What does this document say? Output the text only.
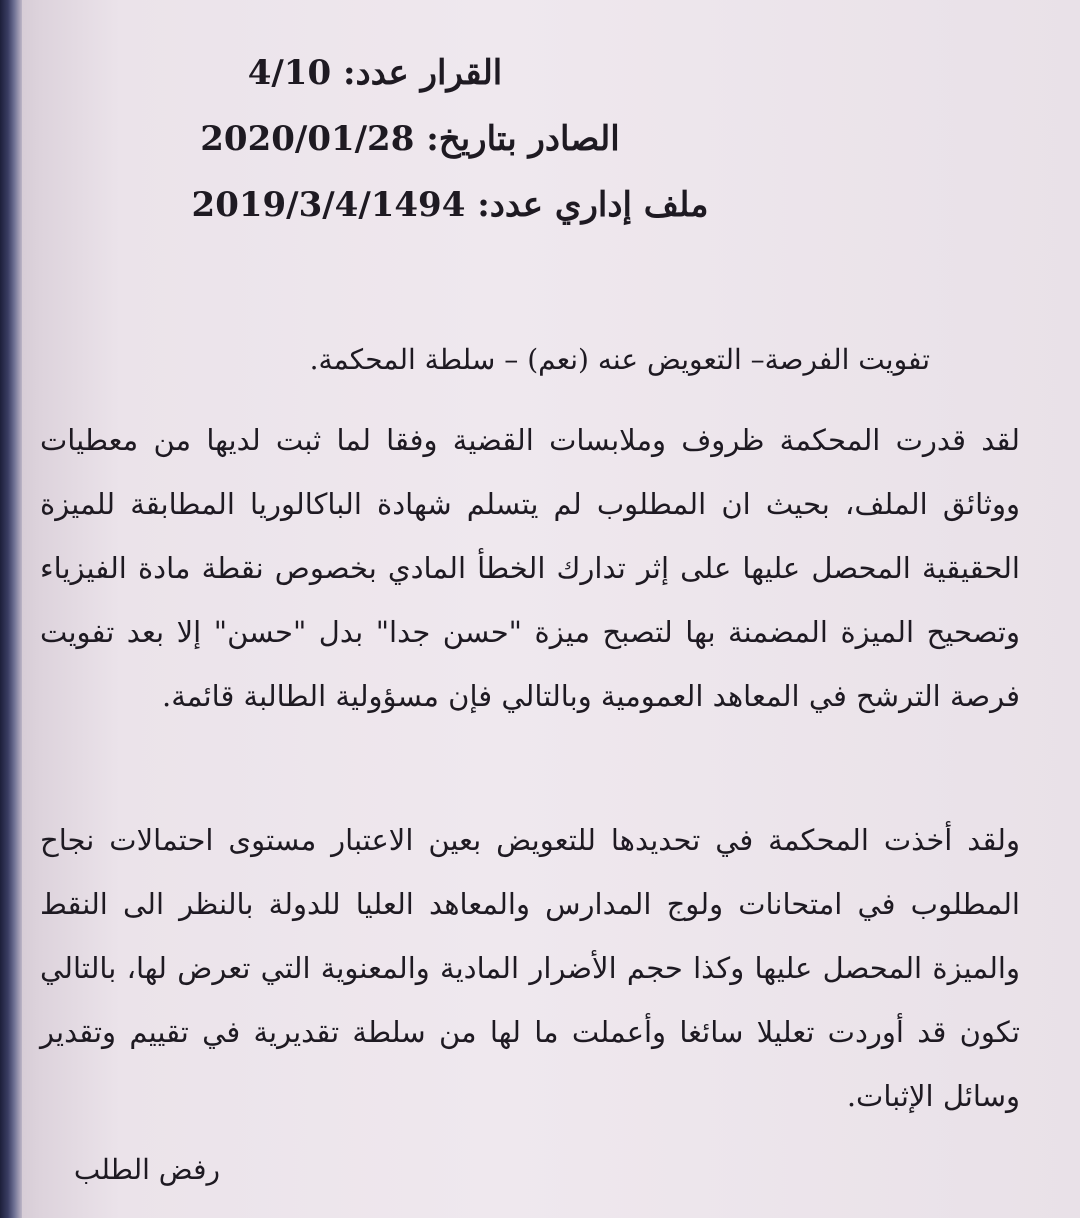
القرار عدد: 4/10
الصادر بتاريخ: 2020/01/28
ملف إداري عدد: 2019/3/4/1494
تفويت الفرصة– التعويض عنه (نعم) – سلطة المحكمة.
لقد قدرت المحكمة ظروف وملابسات القضية وفقا لما ثبت لديها من معطيات ووثائق الملف، بحيث ان المطلوب لم يتسلم شهادة الباكالوريا المطابقة للميزة الحقيقية المحصل عليها على إثر تدارك الخطأ المادي بخصوص نقطة مادة الفيزياء وتصحيح الميزة المضمنة بها لتصبح ميزة "حسن جدا" بدل "حسن" إلا بعد تفويت فرصة الترشح في المعاهد العمومية وبالتالي فإن مسؤولية الطالبة قائمة.
ولقد أخذت المحكمة في تحديدها للتعويض بعين الاعتبار مستوى احتمالات نجاح المطلوب في امتحانات ولوج المدارس والمعاهد العليا للدولة بالنظر الى النقط والميزة المحصل عليها وكذا حجم الأضرار المادية والمعنوية التي تعرض لها، بالتالي تكون قد أوردت تعليلا سائغا وأعملت ما لها من سلطة تقديرية في تقييم وتقدير وسائل الإثبات.
رفض الطلب
